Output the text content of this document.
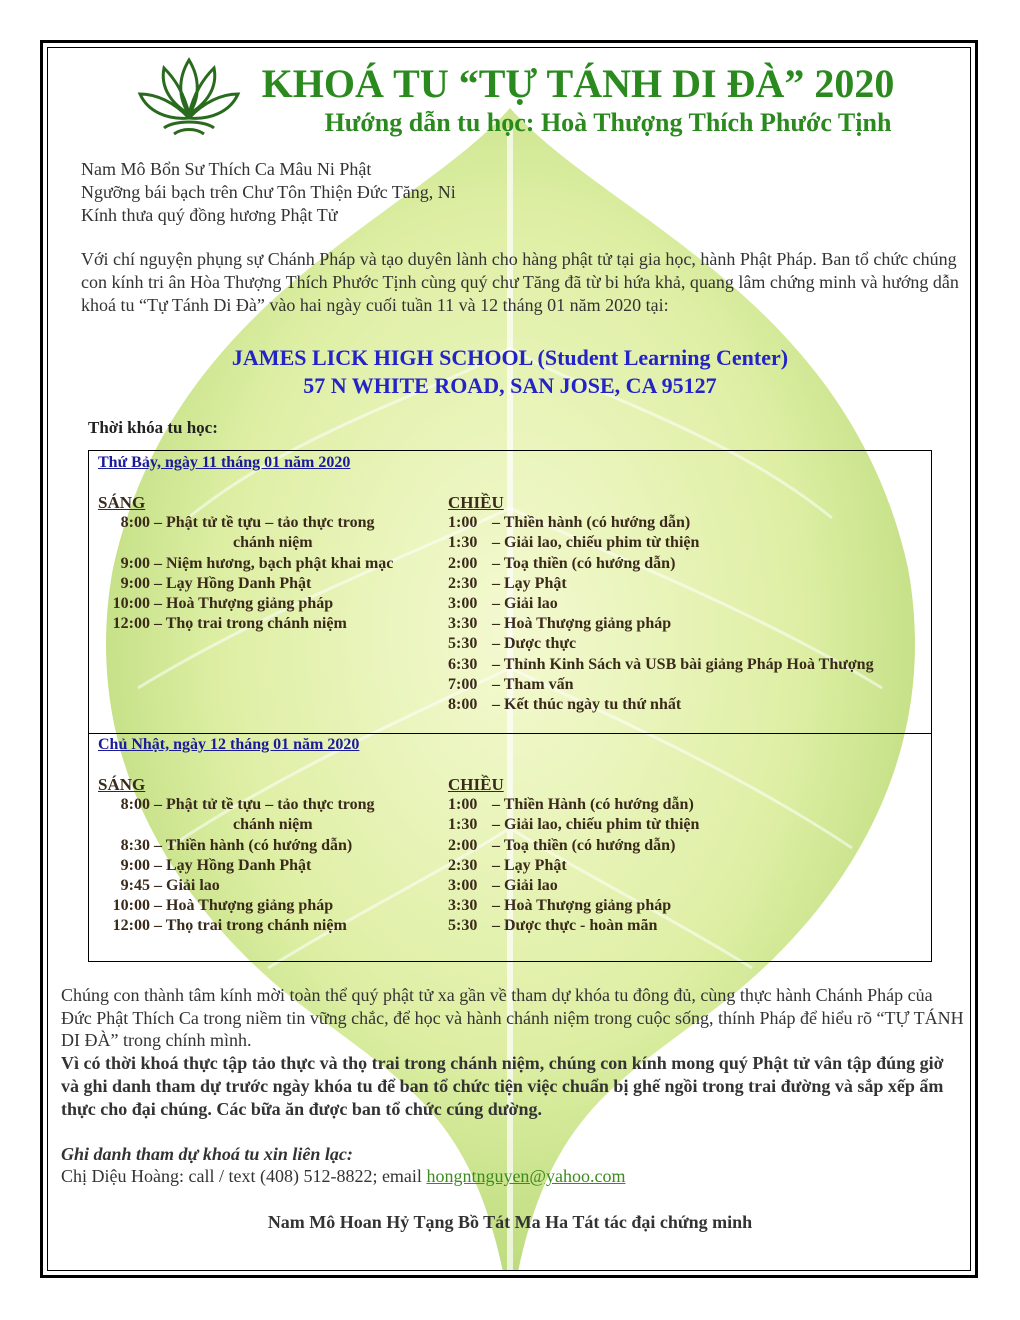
KHOÁ TU “TỰ TÁNH DI ĐÀ” 2020
Hướng dẫn tu học: Hoà Thượng Thích Phước Tịnh
Nam Mô Bổn Sư Thích Ca Mâu Ni Phật
Ngưỡng bái bạch trên Chư Tôn Thiện Đức Tăng, Ni
Kính thưa quý đồng hương Phật Tử
Với chí nguyện phụng sự Chánh Pháp và tạo duyên lành cho hàng phật tử tại gia học, hành Phật Pháp. Ban tổ chức chúng con kính tri ân Hòa Thượng Thích Phước Tịnh cùng quý chư Tăng đã từ bi hứa khả, quang lâm chứng minh và hướng dẫn khoá tu “Tự Tánh Di Đà” vào hai ngày cuối tuần 11 và 12 tháng 01 năm 2020 tại:
JAMES LICK HIGH SCHOOL (Student Learning Center)
57 N WHITE ROAD, SAN JOSE, CA 95127
Thời khóa tu học:
Thứ Bảy, ngày 11 tháng 01 năm 2020
SÁNG
8:00 – Phật tử tề tựu – tảo thực trong
chánh niệm
9:00 – Niệm hương, bạch phật khai mạc
9:00 – Lạy Hồng Danh Phật
10:00 – Hoà Thượng giảng pháp
12:00 – Thọ trai trong chánh niệm
CHIỀU
1:00 – Thiền hành (có hướng dẫn)
1:30 – Giải lao, chiếu phim từ thiện
2:00 – Toạ thiền (có hướng dẫn)
2:30 – Lạy Phật
3:00 – Giải lao
3:30 – Hoà Thượng giảng pháp
5:30 – Dược thực
6:30 – Thỉnh Kinh Sách và USB bài giảng Pháp Hoà Thượng
7:00 – Tham vấn
8:00 – Kết thúc ngày tu thứ nhất
Chủ Nhật, ngày 12 tháng 01 năm 2020
SÁNG
8:00 – Phật tử tề tựu – tảo thực trong
chánh niệm
8:30 – Thiền hành (có hướng dẫn)
9:00 – Lạy Hồng Danh Phật
9:45 – Giải lao
10:00 – Hoà Thượng giảng pháp
12:00 – Thọ trai trong chánh niệm
CHIỀU
1:00 – Thiền Hành (có hướng dẫn)
1:30 – Giải lao, chiếu phim từ thiện
2:00 – Toạ thiền (có hướng dẫn)
2:30 – Lạy Phật
3:00 – Giải lao
3:30 – Hoà Thượng giảng pháp
5:30 – Dược thực - hoàn mãn
Chúng con thành tâm kính mời toàn thể quý phật tử xa gần về tham dự khóa tu đông đủ, cùng thực hành Chánh Pháp của Đức Phật Thích Ca trong niềm tin vững chắc, để học và hành chánh niệm trong cuộc sống, thính Pháp để hiểu rõ “TỰ TÁNH DI ĐÀ” trong chính mình.
Vì có thời khoá thực tập tảo thực và thọ trai trong chánh niệm, chúng con kính mong quý Phật tử vân tập đúng giờ và ghi danh tham dự trước ngày khóa tu để ban tổ chức tiện việc chuẩn bị ghế ngồi trong trai đường và sắp xếp ẩm thực cho đại chúng. Các bữa ăn được ban tổ chức cúng dường.
Ghi danh tham dự khoá tu xin liên lạc:
Chị Diệu Hoàng: call / text (408) 512-8822; email hongntnguyen@yahoo.com
Nam Mô Hoan Hỷ Tạng Bồ Tát Ma Ha Tát tác đại chứng minh
